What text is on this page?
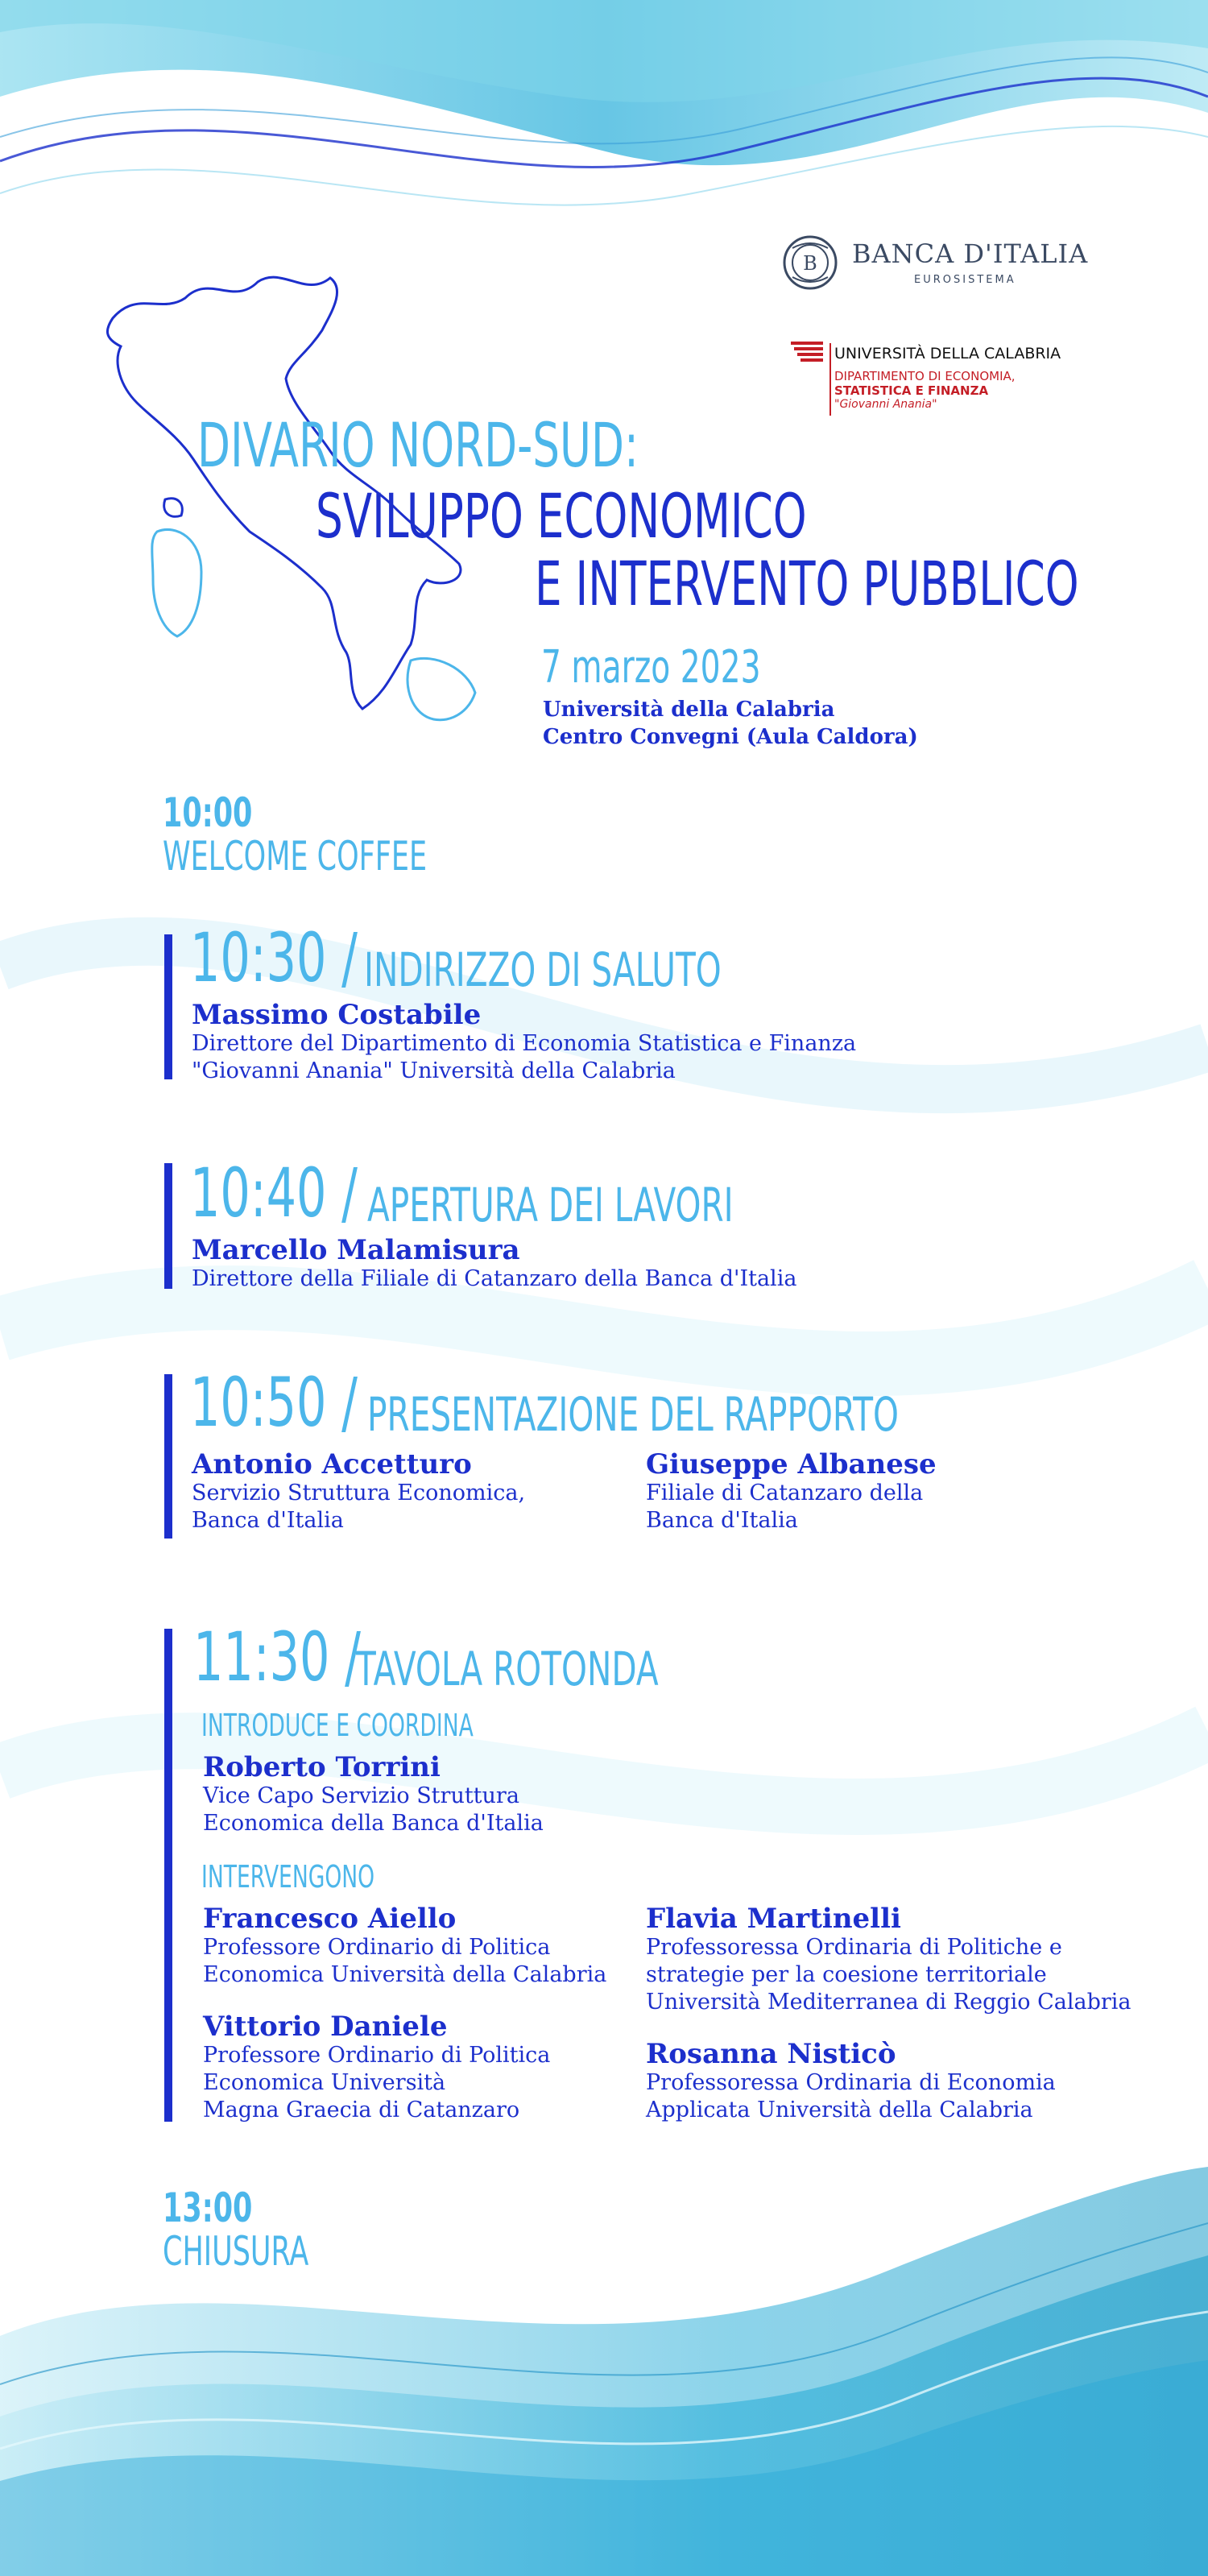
B BANCA D'ITALIA
EUROSISTEMA
UNIVERSITÀ DELLA CALABRIA
DIPARTIMENTO DI ECONOMIA,
STATISTICA E FINANZA
"Giovanni Anania"
DIVARIO NORD-SUD:
SVILUPPO ECONOMICO
E INTERVENTO PUBBLICO
7 marzo 2023
Università della Calabria
Centro Convegni (Aula Caldora)
10:00
WELCOME COFFEE
10:30 / INDIRIZZO DI SALUTO
Massimo Costabile
Direttore del Dipartimento di Economia Statistica e Finanza
"Giovanni Anania" Università della Calabria
10:40 / APERTURA DEI LAVORI
Marcello Malamisura
Direttore della Filiale di Catanzaro della Banca d'Italia
10:50 / PRESENTAZIONE DEL RAPPORTO
Antonio Accetturo
Servizio Struttura Economica,
Banca d'Italia
Giuseppe Albanese
Filiale di Catanzaro della
Banca d'Italia
11:30 /
TAVOLA ROTONDA
INTRODUCE E COORDINA
Roberto Torrini
Vice Capo Servizio Struttura
Economica della Banca d'Italia
INTERVENGONO
Francesco Aiello
Professore Ordinario di Politica
Economica Università della Calabria
Vittorio Daniele
Professore Ordinario di Politica
Economica Università
Magna Graecia di Catanzaro
Flavia Martinelli
Professoressa Ordinaria di Politiche e
strategie per la coesione territoriale
Università Mediterranea di Reggio Calabria
Rosanna Nisticò
Professoressa Ordinaria di Economia
Applicata Università della Calabria
13:00
CHIUSURA
